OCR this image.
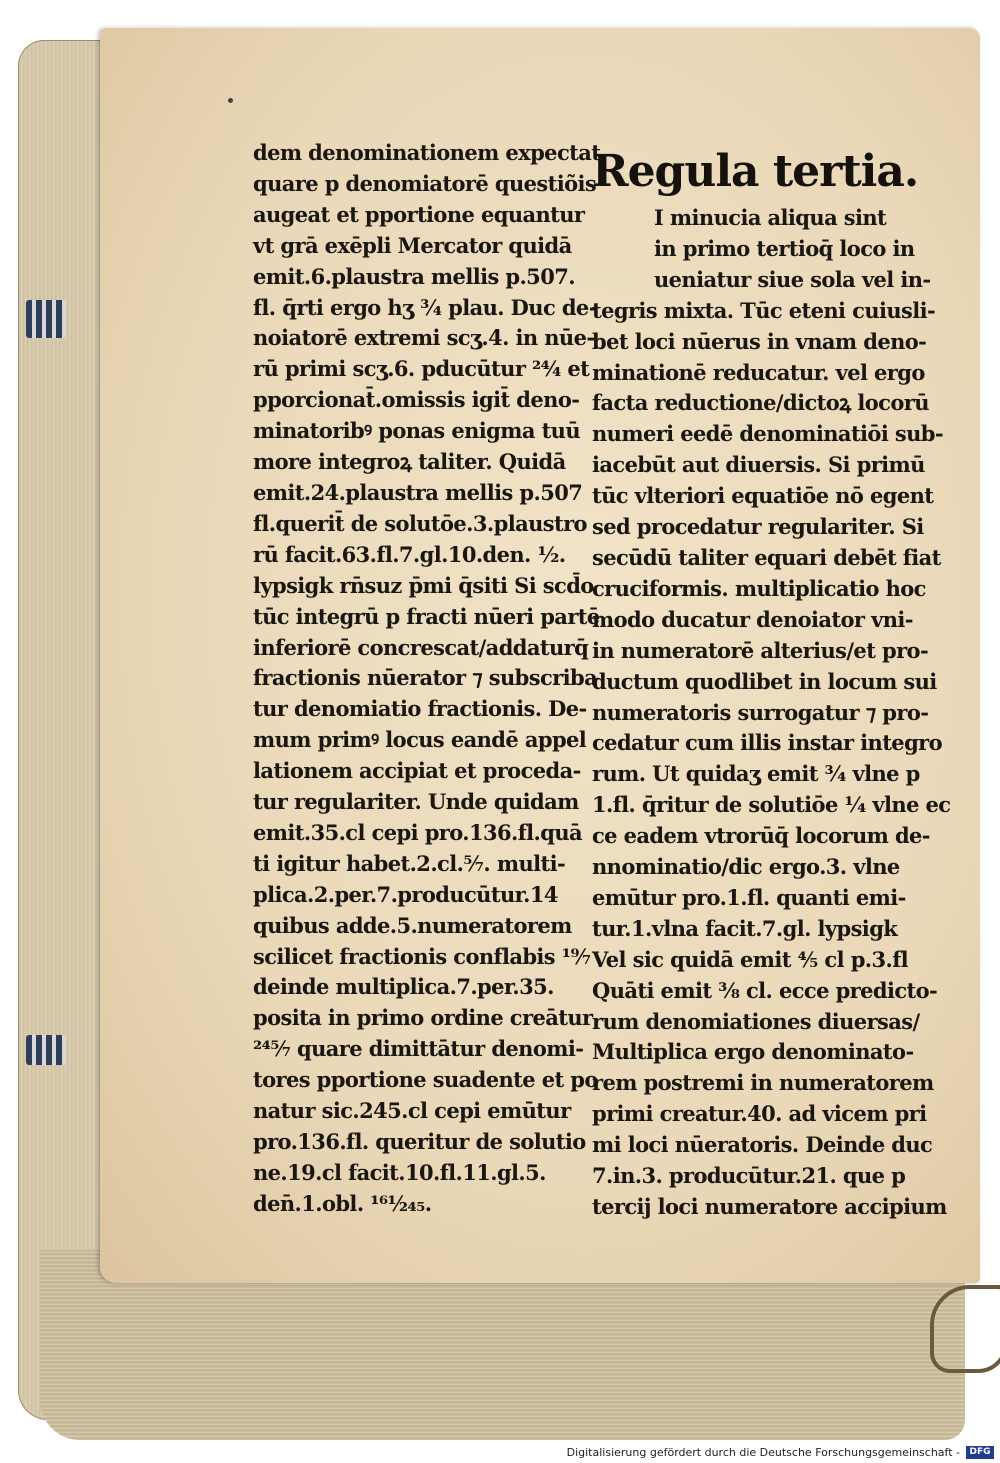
dem denominationem expectat
quare p denomiatorē questiõis
augeat et pportione equantur
vt grā exēpli Mercator quidā
emit.6.plaustra mellis p.507.
fl. q̄rti ergo hʒ ¾ plau. Duc de-
noiatorē extremi scʒ.4. in nūe-
rū primi scʒ.6. pducūtur ²⁴⁄₄ et
pporcionat̄.omissis igit̄ deno-
minatoribꝰ ponas enigma tuū
more integroꝝ taliter. Quidā
emit.24.plaustra mellis p.507
fl.querit̄ de solutōe.3.plaustro
rū facit.63.fl.7.gl.10.den. ½.
lypsigk rn̄suz p̄mi q̄siti Si scd̄o
tūc integrū p fracti nūeri partē
inferiorē concrescat/addaturq̄
fractionis nūerator ⁊ subscriba
tur denomiatio fractionis. De-
mum primꝰ locus eandē appel
lationem accipiat et proceda-
tur regulariter. Unde quidam
emit.35.cl cepi pro.136.fl.quā
ti igitur habet.2.cl.⁵⁄₇. multi-
plica.2.per.7.producūtur.14
quibus adde.5.numeratorem
scilicet fractionis conflabis ¹⁹⁄₇
deinde multiplica.7.per.35.
posita in primo ordine creātur
²⁴⁵⁄₇ quare dimittātur denomi-
tores pportione suadente et po
natur sic.245.cl cepi emūtur
pro.136.fl. queritur de solutio
ne.19.cl facit.10.fl.11.gl.5.
den̄.1.obl. ¹⁶¹⁄₂₄₅.
Regula tertia.
I minucia aliqua sint
in primo tertioq̄ loco in
ueniatur siue sola vel in-
tegris mixta. Tūc eteni cuiusli-
bet loci nūerus in vnam deno-
minationē reducatur. vel ergo
facta reductione/dictoꝝ locorū
numeri eedē denominatiōi sub-
iacebūt aut diuersis. Si primū
tūc vlteriori equatiōe nō egent
sed procedatur regulariter. Si
secūdū taliter equari debēt fiat
cruciformis. multiplicatio hoc
modo ducatur denoiator vni-
in numeratorē alterius/et pro-
ductum quodlibet in locum sui
numeratoris surrogatur ⁊ pro-
cedatur cum illis instar integro
rum. Ut quidaʒ emit ¾ vlne p
1.fl. q̄ritur de solutiōe ¼ vlne ec
ce eadem vtrorūq̄ locorum de-
nnominatio/dic ergo.3. vlne
emūtur pro.1.fl. quanti emi-
tur.1.vlna facit.7.gl. lypsigk
Vel sic quidā emit ⁴⁄₅ cl p.3.fl
Quāti emit ⅜ cl. ecce predicto-
rum denomiationes diuersas/
Multiplica ergo denominato-
rem postremi in numeratorem
primi creatur.40. ad vicem pri
mi loci nūeratoris. Deinde duc
7.in.3. producūtur.21. que p
tercij loci numeratore accipium
Digitalisierung gefördert durch die Deutsche Forschungsgemeinschaft -	DFG
